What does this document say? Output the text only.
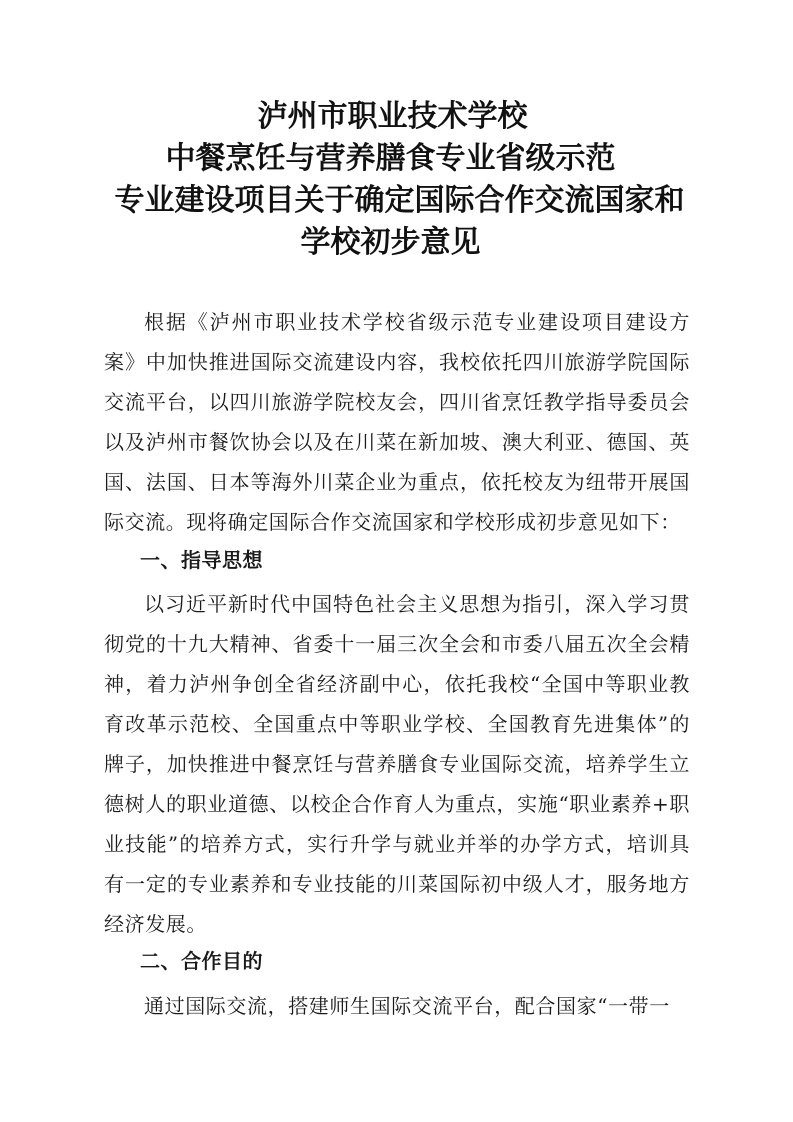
泸州市职业技术学校
中餐烹饪与营养膳食专业省级示范
专业建设项目关于确定国际合作交流国家和
学校初步意见

根据《泸州市职业技术学校省级示范专业建设项目建设方案》中加快推进国际交流建设内容，我校依托四川旅游学院国际交流平台，以四川旅游学院校友会，四川省烹饪教学指导委员会以及泸州市餐饮协会以及在川菜在新加坡、澳大利亚、德国、英国、法国、日本等海外川菜企业为重点，依托校友为纽带开展国际交流。现将确定国际合作交流国家和学校形成初步意见如下：

一、指导思想

以习近平新时代中国特色社会主义思想为指引，深入学习贯彻党的十九大精神、省委十一届三次全会和市委八届五次全会精神，着力泸州争创全省经济副中心，依托我校“全国中等职业教育改革示范校、全国重点中等职业学校、全国教育先进集体”的牌子，加快推进中餐烹饪与营养膳食专业国际交流，培养学生立德树人的职业道德、以校企合作育人为重点，实施“职业素养+职业技能”的培养方式，实行升学与就业并举的办学方式，培训具有一定的专业素养和专业技能的川菜国际初中级人才，服务地方经济发展。

二、合作目的

通过国际交流，搭建师生国际交流平台，配合国家“一带一
